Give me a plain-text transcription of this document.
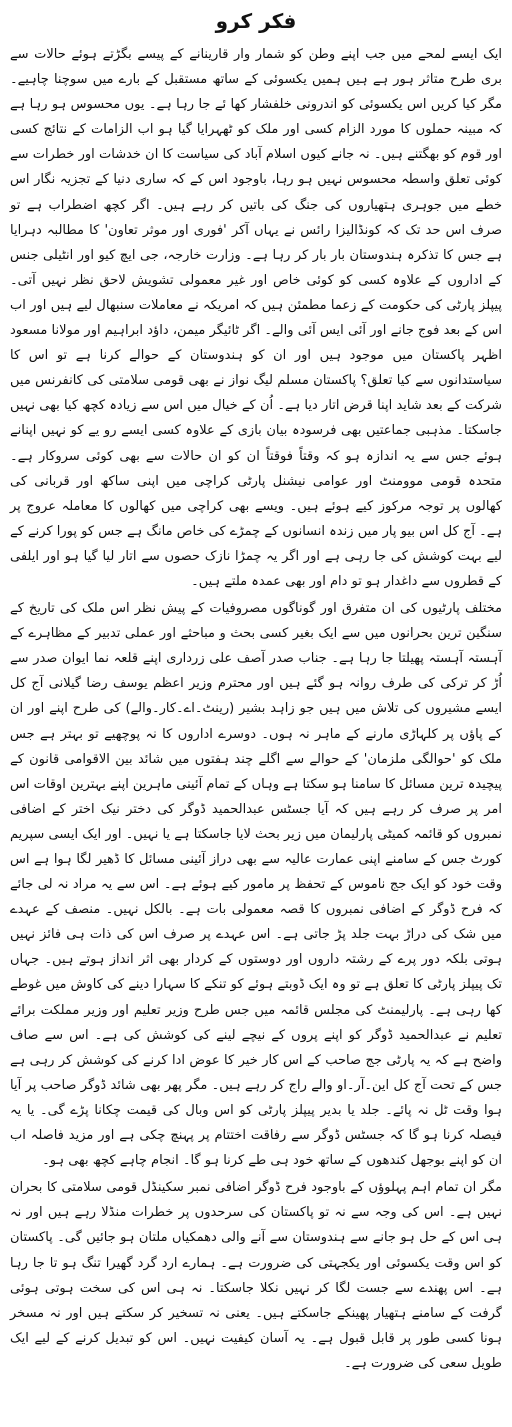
فکر کرو

ایک ایسے لمحے میں جب اپنے وطن کو شمار وار قارینانے کے پیسے بگڑتے ہوئے حالات سے بری طرح متاثر ہور ہے ہیں ہمیں یکسوئی کے ساتھ مستقبل کے بارے میں سوچنا چاہیے۔ مگر کیا کریں اس یکسوئی کو اندرونی خلفشار کھا ئے جا رہا ہے۔ یوں محسوس ہو رہا ہے کہ مبینہ حملوں کا مورد الزام کسی اور ملک کو ٹھہرایا گیا ہو اب الزامات کے نتائج کسی اور قوم کو بھگتنے ہیں۔ نہ جانے کیوں اسلام آباد کی سیاست کا ان خدشات اور خطرات سے کوئی تعلق واسطہ محسوس نہیں ہو رہا، باوجود اس کے کہ ساری دنیا کے تجزیہ نگار اس خطے میں جوہری ہتھیاروں کی جنگ کی باتیں کر رہے ہیں۔ اگر کچھ اضطراب ہے تو صرف اس حد تک کہ کونڈالیزا رائس نے یہاں آکر 'فوری اور موثر تعاون' کا مطالبہ دہرایا ہے جس کا تذکرہ ہندوستان بار بار کر رہا ہے۔ وزارت خارجہ، جی ایچ کیو اور انٹیلی جنس کے اداروں کے علاوہ کسی کو کوئی خاص اور غیر معمولی تشویش لاحق نظر نہیں آتی۔ پیپلز پارٹی کی حکومت کے زعما مطمئن ہیں کہ امریکہ نے معاملات سنبھال لیے ہیں اور اب اس کے بعد فوج جانے اور آئی ایس آئی والے۔ اگر ٹائیگر میمن، داؤد ابراہیم اور مولانا مسعود اظہر پاکستان میں موجود ہیں اور ان کو ہندوستان کے حوالے کرنا ہے تو اس کا سیاستدانوں سے کیا تعلق؟ پاکستان مسلم لیگ نواز نے بھی قومی سلامتی کی کانفرنس میں شرکت کے بعد شاید اپنا قرض اتار دیا ہے۔ اُن کے خیال میں اس سے زیادہ کچھ کیا بھی نہیں جاسکتا۔ مذہبی جماعتیں بھی فرسودہ بیان بازی کے علاوہ کسی ایسے رو یے کو نہیں اپنانے ہوئے جس سے یہ اندازہ ہو کہ وقتاً فوقتاً ان کو ان حالات سے بھی کوئی سروکار ہے۔ متحدہ قومی موومنٹ اور عوامی نیشنل پارٹی کراچی میں اپنی ساکھ اور قربانی کی کھالوں پر توجہ مرکوز کیے ہوئے ہیں۔ ویسے بھی کراچی میں کھالوں کا معاملہ عروج پر ہے۔ آج کل اس بیو پار میں زندہ انسانوں کے چمڑے کی خاص مانگ ہے جس کو پورا کرنے کے لیے بہت کوشش کی جا رہی ہے اور اگر یہ چمڑا نازک حصوں سے اتار لیا گیا ہو اور ایلفی کے قطروں سے داغدار ہو تو دام اور بھی عمدہ ملتے ہیں۔

مختلف پارٹیوں کی ان متفرق اور گوناگوں مصروفیات کے پیش نظر اس ملک کی تاریخ کے سنگین ترین بحرانوں میں سے ایک بغیر کسی بحث و مباحثے اور عملی تدبیر کے مظاہرے کے آہستہ آہستہ پھیلتا جا رہا ہے۔ جناب صدر آصف علی زرداری اپنے قلعہ نما ایوان صدر سے اُڑ کر ترکی کی طرف روانہ ہو گئے ہیں اور محترم وزیر اعظم یوسف رضا گیلانی آج کل ایسے مشیروں کی تلاش میں ہیں جو زاہد بشیر (رینٹ۔اے۔کار۔والے) کی طرح اپنے اور ان کے پاؤں پر کلہاڑی مارنے کے ماہر نہ ہوں۔ دوسرے اداروں کا نہ پوچھیے تو بہتر ہے جس ملک کو 'حوالگی ملزمان' کے حوالے سے اگلے چند ہفتوں میں شائد بین الاقوامی قانون کے پیچیدہ ترین مسائل کا سامنا ہو سکتا ہے وہاں کے تمام آئینی ماہرین اپنے بہترین اوقات اس امر پر صرف کر رہے ہیں کہ آیا جسٹس عبدالحمید ڈوگر کی دختر نیک اختر کے اضافی نمبروں کو قائمہ کمیٹی پارلیمان میں زیر بحث لایا جاسکتا ہے یا نہیں۔ اور ایک ایسی سپریم کورٹ جس کے سامنے اپنی عمارت عالیہ سے بھی دراز آئینی مسائل کا ڈھیر لگا ہوا ہے اس وقت خود کو ایک جج ناموس کے تحفظ پر مامور کیے ہوئے ہے۔ اس سے یہ مراد نہ لی جائے کہ فرح ڈوگر کے اضافی نمبروں کا قصہ معمولی بات ہے۔ بالکل نہیں۔ منصف کے عہدے میں شک کی دراڑ بہت جلد پڑ جاتی ہے۔ اس عہدے پر صرف اس کی ذات ہی فائز نہیں ہوتی بلکہ دور پرے کے رشتہ داروں اور دوستوں کے کردار بھی اثر انداز ہوتے ہیں۔ جہاں تک پیپلز پارٹی کا تعلق ہے تو وہ ایک ڈوبتے ہوئے کو تنکے کا سہارا دینے کی کاوش میں غوطے کھا رہی ہے۔ پارلیمنٹ کی مجلس قائمہ میں جس طرح وزیر تعلیم اور وزیر مملکت برائے تعلیم نے عبدالحمید ڈوگر کو اپنے پروں کے نیچے لینے کی کوشش کی ہے۔ اس سے صاف واضح ہے کہ یہ پارٹی جج صاحب کے اس کار خیر کا عوض ادا کرنے کی کوشش کر رہی ہے جس کے تحت آج کل این۔آر۔او والے راج کر رہے ہیں۔ مگر پھر بھی شائد ڈوگر صاحب پر آیا ہوا وقت ٹل نہ پائے۔ جلد یا بدیر پیپلز پارٹی کو اس وبال کی قیمت چکانا پڑے گی۔ یا یہ فیصلہ کرنا ہو گا کہ جسٹس ڈوگر سے رفاقت اختتام پر پہنچ چکی ہے اور مزید فاصلہ اب ان کو اپنے بوجھل کندھوں کے ساتھ خود ہی طے کرنا ہو گا۔ انجام چاہے کچھ بھی ہو۔

مگر ان تمام اہم پہلوؤں کے باوجود فرح ڈوگر اضافی نمبر سکینڈل قومی سلامتی کا بحران نہیں ہے۔ اس کی وجہ سے نہ تو پاکستان کی سرحدوں پر خطرات منڈلا رہے ہیں اور نہ ہی اس کے حل ہو جانے سے ہندوستان سے آنے والی دھمکیاں ملتان ہو جائیں گی۔ پاکستان کو اس وقت یکسوئی اور یکجہتی کی ضرورت ہے۔ ہمارے ارد گرد گھیرا تنگ ہو تا جا رہا ہے۔ اس پھندے سے جست لگا کر نہیں نکلا جاسکتا۔ نہ ہی اس کی سخت ہوتی ہوئی گرفت کے سامنے ہتھیار پھینکے جاسکتے ہیں۔ یعنی نہ تسخیر کر سکتے ہیں اور نہ مسخر ہونا کسی طور پر قابل قبول ہے۔ یہ آسان کیفیت نہیں۔ اس کو تبدیل کرنے کے لیے ایک طویل سعی کی ضرورت ہے۔
